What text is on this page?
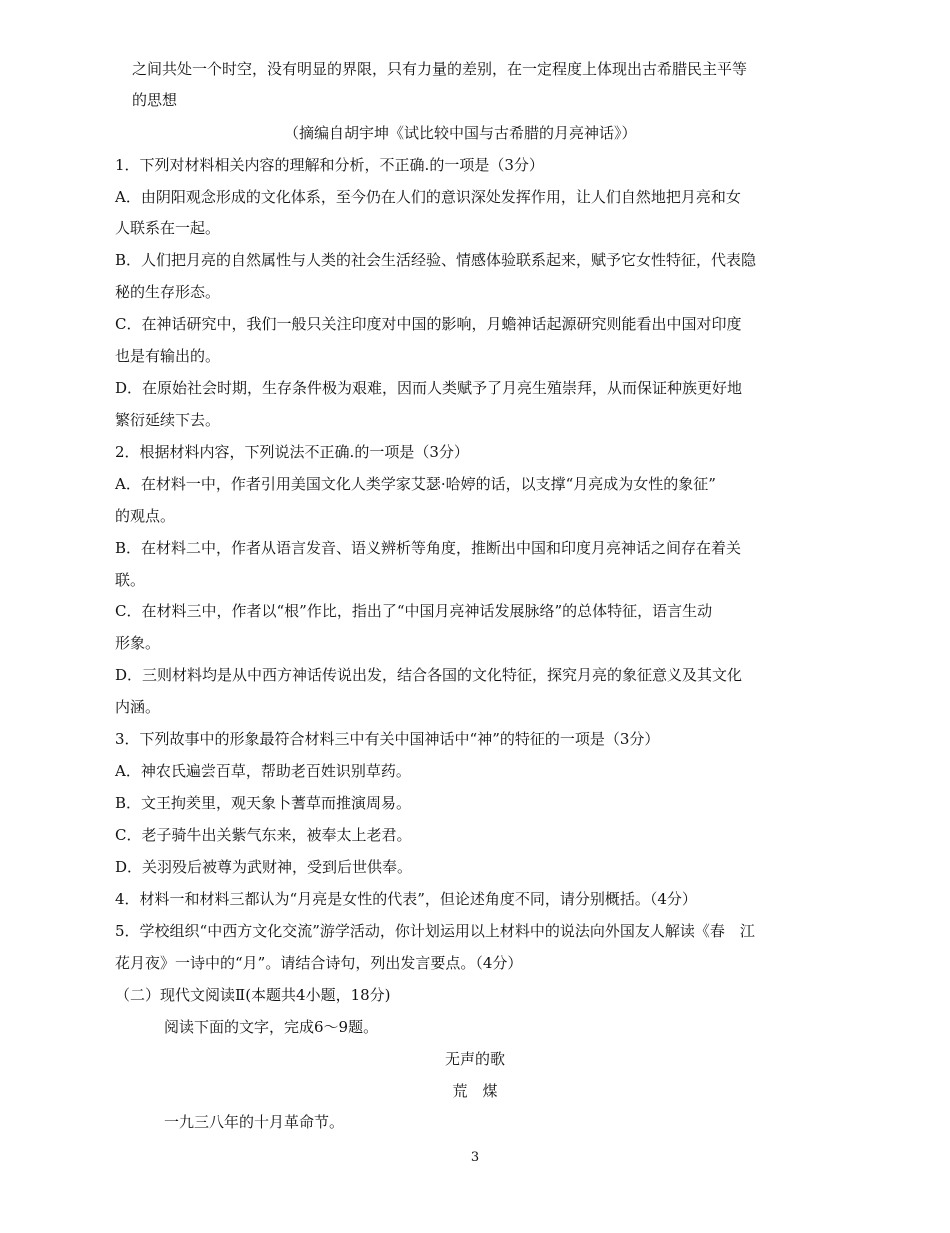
之间共处一个时空，没有明显的界限，只有力量的差别，在一定程度上体现出古希腊民主平等
的思想
（摘编自胡宇坤《试比较中国与古希腊的月亮神话》）
1．下列对材料相关内容的理解和分析，不正确.的一项是（3分）
A．由阴阳观念形成的文化体系，至今仍在人们的意识深处发挥作用，让人们自然地把月亮和女
人联系在一起。
B．人们把月亮的自然属性与人类的社会生活经验、情感体验联系起来，赋予它女性特征，代表隐
秘的生存形态。
C．在神话研究中，我们一般只关注印度对中国的影响，月蟾神话起源研究则能看出中国对印度
也是有输出的。
D．在原始社会时期，生存条件极为艰难，因而人类赋予了月亮生殖崇拜，从而保证种族更好地
繁衍延续下去。
2．根据材料内容，下列说法不正确.的一项是（3分）
A．在材料一中，作者引用美国文化人类学家艾瑟·哈婷的话，以支撑“月亮成为女性的象征”
的观点。
B．在材料二中，作者从语言发音、语义辨析等角度，推断出中国和印度月亮神话之间存在着关
联。
C．在材料三中，作者以“根”作比，指出了“中国月亮神话发展脉络”的总体特征，语言生动
形象。
D．三则材料均是从中西方神话传说出发，结合各国的文化特征，探究月亮的象征意义及其文化
内涵。
3．下列故事中的形象最符合材料三中有关中国神话中“神”的特征的一项是（3分）
A．神农氏遍尝百草，帮助老百姓识别草药。
B．文王拘羑里，观天象卜蓍草而推演周易。
C．老子骑牛出关紫气东来，被奉太上老君。
D．关羽殁后被尊为武财神，受到后世供奉。
4．材料一和材料三都认为“月亮是女性的代表”，但论述角度不同，请分别概括。（4分）
5．学校组织“中西方文化交流”游学活动，你计划运用以上材料中的说法向外国友人解读《春　江
花月夜》一诗中的“月”。请结合诗句，列出发言要点。（4分）
（二）现代文阅读Ⅱ(本题共4小题，18分)
阅读下面的文字，完成6～9题。
无声的歌
荒　煤
一九三八年的十月革命节。
3
